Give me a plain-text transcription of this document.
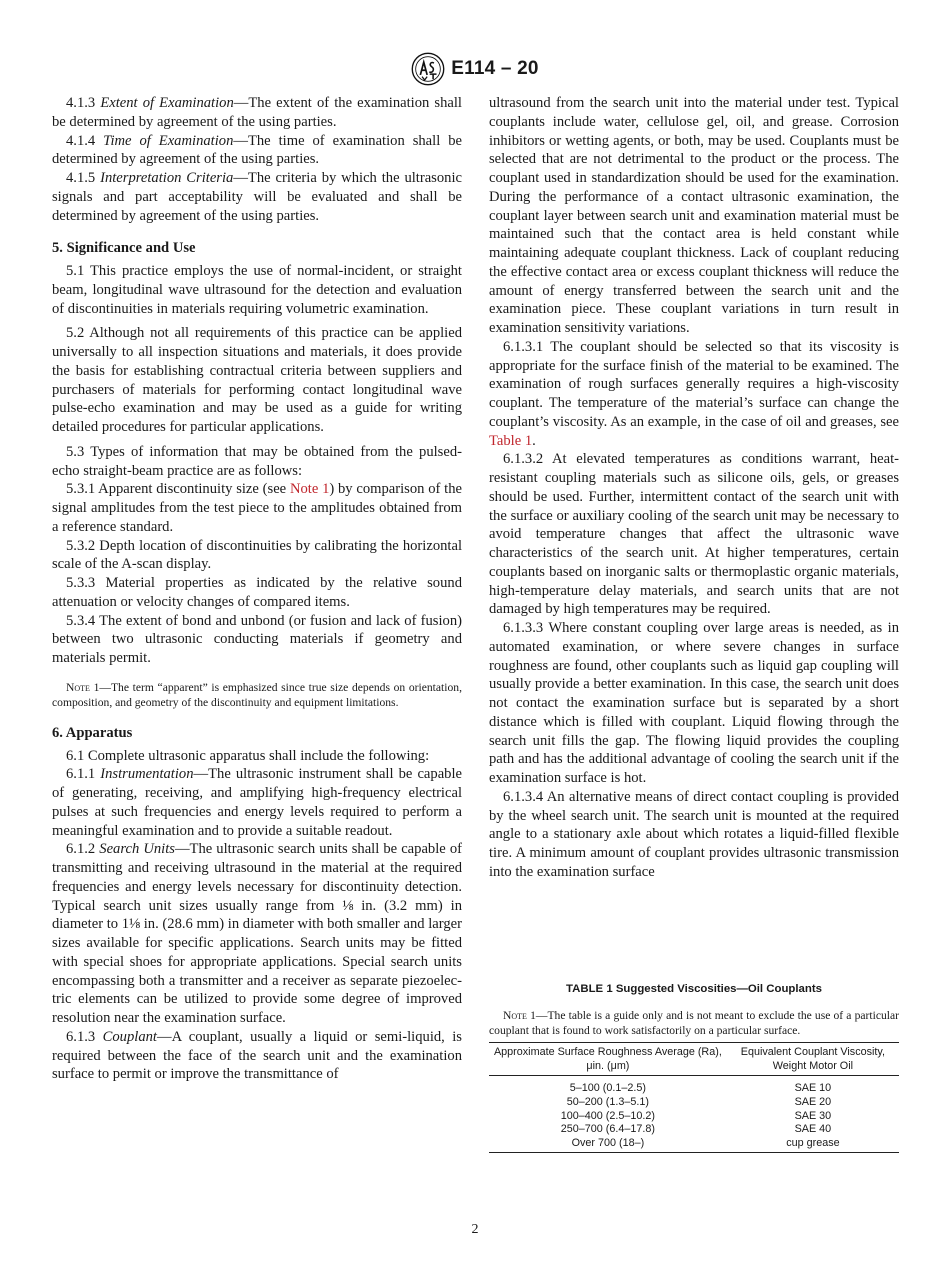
E114 – 20

4.1.3 Extent of Examination—The extent of the examination shall be determined by agreement of the using parties.

4.1.4 Time of Examination—The time of examination shall be determined by agreement of the using parties.

4.1.5 Interpretation Criteria—The criteria by which the ultrasonic signals and part acceptability will be evaluated and shall be determined by agreement of the using parties.

5. Significance and Use

5.1 This practice employs the use of normal-incident, or straight beam, longitudinal wave ultrasound for the detection and evaluation of discontinuities in materials requiring volumetric examination.

5.2 Although not all requirements of this practice can be applied universally to all inspection situations and materials, it does provide the basis for establishing contractual criteria between suppliers and purchasers of materials for performing contact longitudinal wave pulse-echo examination and may be used as a guide for writing detailed procedures for particular applications.

5.3 Types of information that may be obtained from the pulsed-echo straight-beam practice are as follows:

5.3.1 Apparent discontinuity size (see Note 1) by comparison of the signal amplitudes from the test piece to the amplitudes obtained from a reference standard.

5.3.2 Depth location of discontinuities by calibrating the horizontal scale of the A-scan display.

5.3.3 Material properties as indicated by the relative sound attenuation or velocity changes of compared items.

5.3.4 The extent of bond and unbond (or fusion and lack of fusion) between two ultrasonic conducting materials if geometry and materials permit.

Note 1—The term “apparent” is emphasized since true size depends on orientation, composition, and geometry of the discontinuity and equipment limitations.

6. Apparatus

6.1 Complete ultrasonic apparatus shall include the following:

6.1.1 Instrumentation—The ultrasonic instrument shall be capable of generating, receiving, and amplifying high-frequency electrical pulses at such frequencies and energy levels required to perform a meaningful examination and to provide a suitable readout.

6.1.2 Search Units—The ultrasonic search units shall be capable of transmitting and receiving ultrasound in the material at the required frequencies and energy levels necessary for discontinuity detection. Typical search unit sizes usually range from ⅛ in. (3.2 mm) in diameter to 1⅛ in. (28.6 mm) in diameter with both smaller and larger sizes available for specific applications. Search units may be fitted with special shoes for appropriate applications. Special search units encompassing both a transmitter and a receiver as separate piezoelectric elements can be utilized to provide some degree of improved resolution near the examination surface.

6.1.3 Couplant—A couplant, usually a liquid or semi-liquid, is required between the face of the search unit and the examination surface to permit or improve the transmittance of

ultrasound from the search unit into the material under test. Typical couplants include water, cellulose gel, oil, and grease. Corrosion inhibitors or wetting agents, or both, may be used. Couplants must be selected that are not detrimental to the product or the process. The couplant used in standardization should be used for the examination. During the performance of a contact ultrasonic examination, the couplant layer between search unit and examination material must be maintained such that the contact area is held constant while maintaining adequate couplant thickness. Lack of couplant reducing the effective contact area or excess couplant thickness will reduce the amount of energy transferred between the search unit and the examination piece. These couplant variations in turn result in examination sensitivity variations.

6.1.3.1 The couplant should be selected so that its viscosity is appropriate for the surface finish of the material to be examined. The examination of rough surfaces generally requires a high-viscosity couplant. The temperature of the material’s surface can change the couplant’s viscosity. As an example, in the case of oil and greases, see Table 1.

6.1.3.2 At elevated temperatures as conditions warrant, heat-resistant coupling materials such as silicone oils, gels, or greases should be used. Further, intermittent contact of the search unit with the surface or auxiliary cooling of the search unit may be necessary to avoid temperature changes that affect the ultrasonic wave characteristics of the search unit. At higher temperatures, certain couplants based on inorganic salts or thermoplastic organic materials, high-temperature delay materials, and search units that are not damaged by high temperatures may be required.

6.1.3.3 Where constant coupling over large areas is needed, as in automated examination, or where severe changes in surface roughness are found, other couplants such as liquid gap coupling will usually provide a better examination. In this case, the search unit does not contact the examination surface but is separated by a short distance which is filled with couplant. Liquid flowing through the search unit fills the gap. The flowing liquid provides the coupling path and has the additional advantage of cooling the search unit if the examination surface is hot.

6.1.3.4 An alternative means of direct contact coupling is provided by the wheel search unit. The search unit is mounted at the required angle to a stationary axle about which rotates a liquid-filled flexible tire. A minimum amount of couplant provides ultrasonic transmission into the examination surface

TABLE 1 Suggested Viscosities—Oil Couplants
Note 1—The table is a guide only and is not meant to exclude the use of a particular couplant that is found to work satisfactorily on a particular surface.
Approximate Surface Roughness Average (Ra), μin. (μm)	Equivalent Couplant Viscosity, Weight Motor Oil
5–100 (0.1–2.5)	SAE 10
50–200 (1.3–5.1)	SAE 20
100–400 (2.5–10.2)	SAE 30
250–700 (6.4–17.8)	SAE 40
Over 700 (18–)	cup grease
2
